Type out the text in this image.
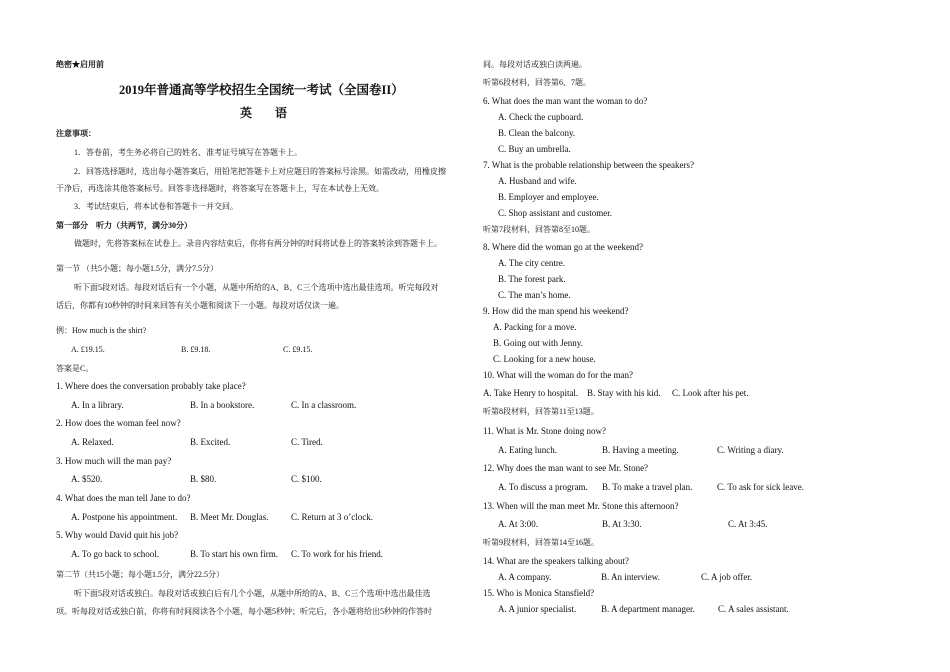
绝密★启用前
2019年普通高等学校招生全国统一考试（全国卷II）
英 语
注意事项：
1．答卷前，考生务必将自己的姓名、准考证号填写在答题卡上。
2．回答选择题时，选出每小题答案后，用铅笔把答题卡上对应题目的答案标号涂黑。如需改动，用橡皮擦
干净后，再选涂其他答案标号。回答非选择题时，将答案写在答题卡上，写在本试卷上无效。
3．考试结束后，将本试卷和答题卡一并交回。
第一部分　听力（共两节，满分30分）
做题时，先将答案标在试卷上。录音内容结束后，你将有两分钟的时间将试卷上的答案转涂到答题卡上。
第一节 （共5小题；每小题1.5分，满分7.5分）
听下面5段对话。每段对话后有一个小题，从题中所给的A、B、C三个选项中选出最佳选项。听完每段对
话后，你都有10秒钟的时间来回答有关小题和阅读下一小题。每段对话仅读一遍。
例：How much is the shirt?
A. £19.15.	B. £9.18.	C. £9.15.
答案是C。
1. Where does the conversation probably take place?
A. In a library.	B. In a bookstore.	C. In a classroom.
2. How does the woman feel now?
A. Relaxed.	B. Excited.	C. Tired.
3. How much will the man pay?
A. $520.	B. $80.	C. $100.
4. What does the man tell Jane to do?
A. Postpone his appointment. B. Meet Mr. Douglas.	C. Return at 3 o’clock.
5. Why would David quit his job?
A. To go back to school.	B. To start his own firm. C. To work for his friend.
第二节（共15小题；每小题1.5分，满分22.5分）
听下面5段对话或独白。每段对话或独白后有几个小题，从题中所给的A、B、C三个选项中选出最佳选
项。听每段对话或独白前，你将有时间阅读各个小题，每小题5秒钟；听完后，各小题将给出5秒钟的作答时
间。每段对话或独白读两遍。
听第6段材料，回答第6、7题。
6. What does the man want the woman to do?
A. Check the cupboard.
B. Clean the balcony.
C. Buy an umbrella.
7. What is the probable relationship between the speakers?
A. Husband and wife.
B. Employer and employee.
C. Shop assistant and customer.
听第7段材料，回答第8至10题。
8. Where did the woman go at the weekend?
A. The city centre.
B. The forest park.
C. The man’s home.
9. How did the man spend his weekend?
A. Packing for a move.
B. Going out with Jenny.
C. Looking for a new house.
10. What will the woman do for the man?
A. Take Henry to hospital. B. Stay with his kid. C. Look after his pet.
听第8段材料，回答第11至13题。
11. What is Mr. Stone doing now?
A. Eating lunch.	B. Having a meeting.	C. Writing a diary.
12. Why does the man want to see Mr. Stone?
A. To discuss a program. B. To make a travel plan.	C. To ask for sick leave.
13. When will the man meet Mr. Stone this afternoon?
A. At 3:00.	B. At 3:30.	C. At 3:45.
听第9段材料，回答第14至16题。
14. What are the speakers talking about?
A. A company.	B. An interview.	C. A job offer.
15. Who is Monica Stansfield?
A. A junior specialist.	B. A department manager.	C. A sales assistant.
